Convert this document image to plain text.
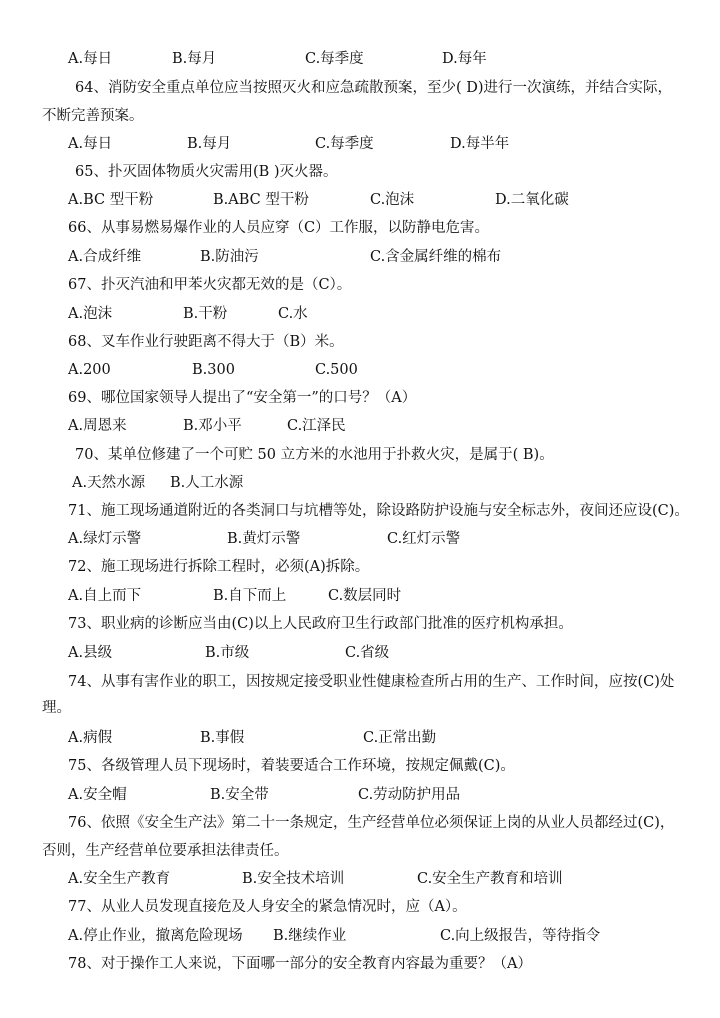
A.每日	B.每月	C.每季度	D.每年
64、消防安全重点单位应当按照灭火和应急疏散预案，至少( D)进行一次演练，并结合实际，
不断完善预案。
A.每日	B.每月	C.每季度	D.每半年
65、扑灭固体物质火灾需用(B )灭火器。
A.BC 型干粉	B.ABC 型干粉	C.泡沫	D.二氧化碳
66、从事易燃易爆作业的人员应穿（C）工作服，以防静电危害。
A.合成纤维	B.防油污	C.含金属纤维的棉布
67、扑灭汽油和甲苯火灾都无效的是（C）。
A.泡沫	B.干粉	C.水
68、叉车作业行驶距离不得大于（B）米。
A.200	B.300	C.500
69、哪位国家领导人提出了“安全第一”的口号？（A）
A.周恩来	B.邓小平	C.江泽民
70、某单位修建了一个可贮 50 立方米的水池用于扑救火灾，是属于( B)。
A.天然水源 B.人工水源
71、施工现场通道附近的各类洞口与坑槽等处，除设路防护设施与安全标志外，夜间还应设(C)。
A.绿灯示警	B.黄灯示警	C.红灯示警
72、施工现场进行拆除工程时，必须(A)拆除。
A.自上而下	B.自下而上	C.数层同时
73、职业病的诊断应当由(C)以上人民政府卫生行政部门批准的医疗机构承担。
A.县级	B.市级	C.省级
74、从事有害作业的职工，因按规定接受职业性健康检查所占用的生产、工作时间，应按(C)处
理。
A.病假	B.事假	C.正常出勤
75、各级管理人员下现场时，着装要适合工作环境，按规定佩戴(C)。
A.安全帽	B.安全带	C.劳动防护用品
76、依照《安全生产法》第二十一条规定，生产经营单位必须保证上岗的从业人员都经过(C)，
否则，生产经营单位要承担法律责任。
A.安全生产教育	B.安全技术培训	C.安全生产教育和培训
77、从业人员发现直接危及人身安全的紧急情况时，应（A）。
A.停止作业，撤离危险现场 B.继续作业	C.向上级报告，等待指令
78、对于操作工人来说，下面哪一部分的安全教育内容最为重要？（A）
